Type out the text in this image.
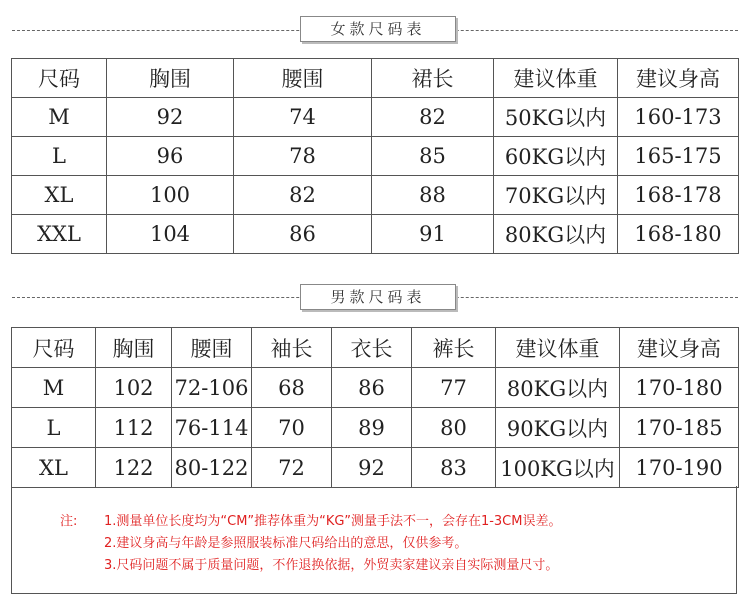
女款尺码表
尺码	胸围	腰围	裙长	建议体重	建议身高
M	92	74	82	50KG以内	160-173
L	96	78	85	60KG以内	165-175
XL	100	82	88	70KG以内	168-178
XXL	104	86	91	80KG以内	168-180
男款尺码表
尺码	胸围	腰围	袖长	衣长	裤长	建议体重	建议身高
M	102	72-106	68	86	77	80KG以内	170-180
L	112	76-114	70	89	80	90KG以内	170-185
XL	122	80-122	72	92	83	100KG以内	170-190
注: 1.测量单位长度均为“CM”推荐体重为“KG”测量手法不一，会存在1-3CM误差。
2.建议身高与年龄是参照服装标准尺码给出的意思，仅供参考。
3.尺码问题不属于质量问题，不作退换依据，外贸卖家建议亲自实际测量尺寸。
